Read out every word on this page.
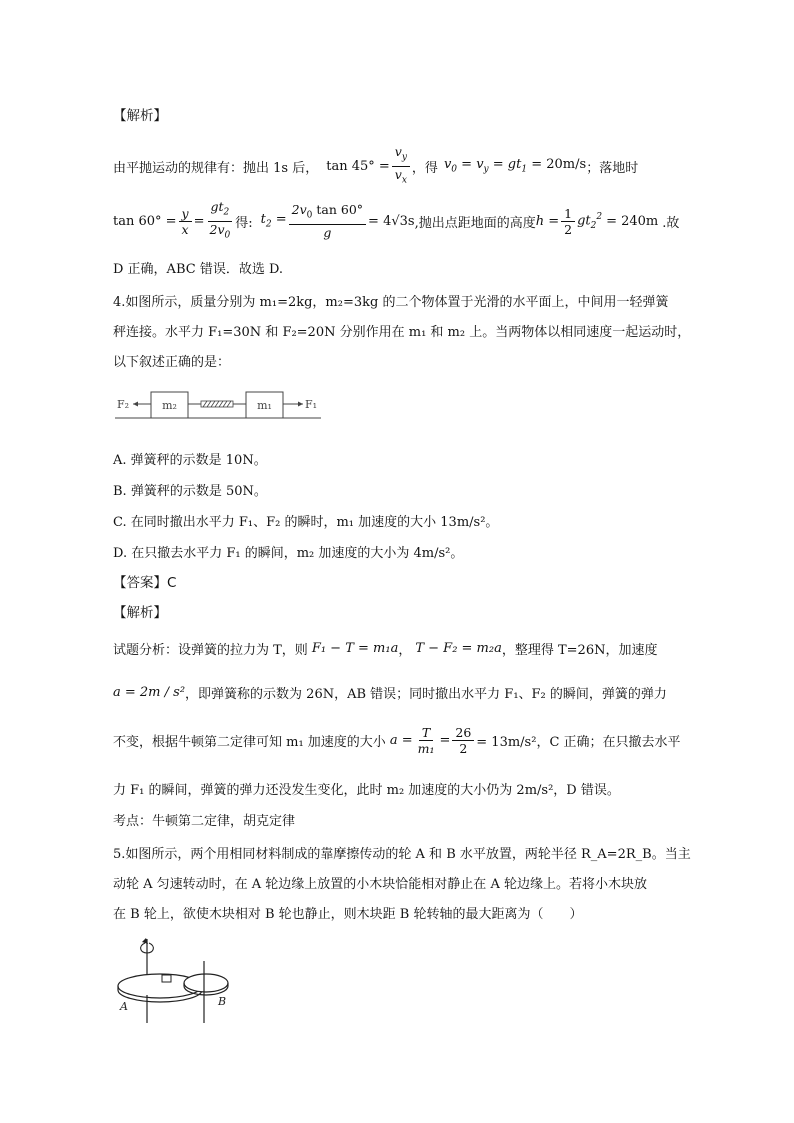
【解析】
由平抛运动的规律有：抛出 1s 后， $\tan 45^\circ = \frac{v_y}{v_x}$ ，得 $v_0 = v_y = gt_1 = 20m/s$ ；落地时
$\tan 60^\circ = \frac{y}{x} = \frac{gt_2}{2v_0}$ 得: $t_2 = \frac{2v_0 \tan 60^\circ}{g} = 4√3s$ ,抛出点距地面的高度 $h = \frac{1}{2} gt_2^2 = 240m$ .故
D 正确，ABC 错误．故选 D.
4.如图所示，质量分别为 m₁=2kg，m₂=3kg 的二个物体置于光滑的水平面上，中间用一轻弹簧
秤连接。水平力 F₁=30N 和 F₂=20N 分别作用在 m₁ 和 m₂ 上。当两物体以相同速度一起运动时，
以下叙述正确的是：
F₂	m₂	m₁	F₁
A. 弹簧秤的示数是 10N。
B. 弹簧秤的示数是 50N。
C. 在同时撤出水平力 F₁、F₂ 的瞬时，m₁ 加速度的大小 13m/s²。
D. 在只撤去水平力 F₁ 的瞬间，m₂ 加速度的大小为 4m/s²。
【答案】C
【解析】
试题分析：设弹簧的拉力为 T，则 F₁ − T = m₁a ， T − F₂ = m₂a ，整理得 T=26N，加速度
a = 2m / s² ，即弹簧称的示数为 26N，AB 错误；同时撤出水平力 F₁、F₂ 的瞬间，弹簧的弹力
不变，根据牛顿第二定律可知 m₁ 加速度的大小 $a = \frac{T}{\text{m₁}} = \frac{26}{2} = 13m/s^2$，C 正确；在只撤去水平
力 F₁ 的瞬间，弹簧的弹力还没发生变化，此时 m₂ 加速度的大小仍为 2m/s²，D 错误。
考点：牛顿第二定律，胡克定律
5.如图所示，两个用相同材料制成的靠摩擦传动的轮 A 和 B 水平放置，两轮半径 R_A=2R_B。当主
动轮 A 匀速转动时，在 A 轮边缘上放置的小木块恰能相对静止在 A 轮边缘上。若将小木块放
在 B 轮上，欲使木块相对 B 轮也静止，则木块距 B 轮转轴的最大距离为（　　）
A	B
